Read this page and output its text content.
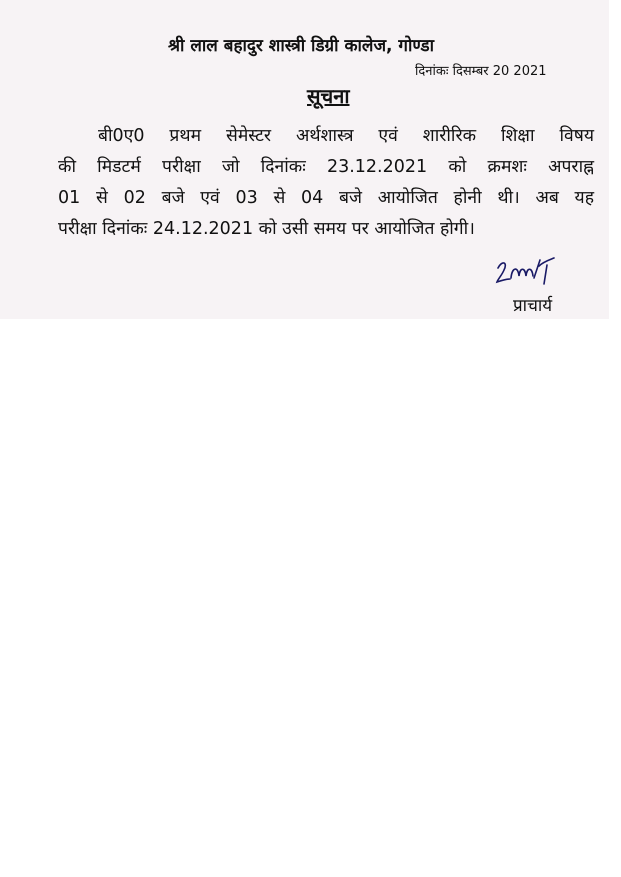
श्री लाल बहादुर शास्त्री डिग्री कालेज, गोण्डा
दिनांकः दिसम्बर 20 2021
सूचना
बी0ए0 प्रथम सेमेस्टर अर्थशास्त्र एवं शारीरिक शिक्षा विषय
की मिडटर्म परीक्षा जो दिनांकः 23.12.2021 को क्रमशः अपराह्न
01 से 02 बजे एवं 03 से 04 बजे आयोजित होनी थी। अब यह
परीक्षा दिनांकः 24.12.2021 को उसी समय पर आयोजित होगी।
प्राचार्य
